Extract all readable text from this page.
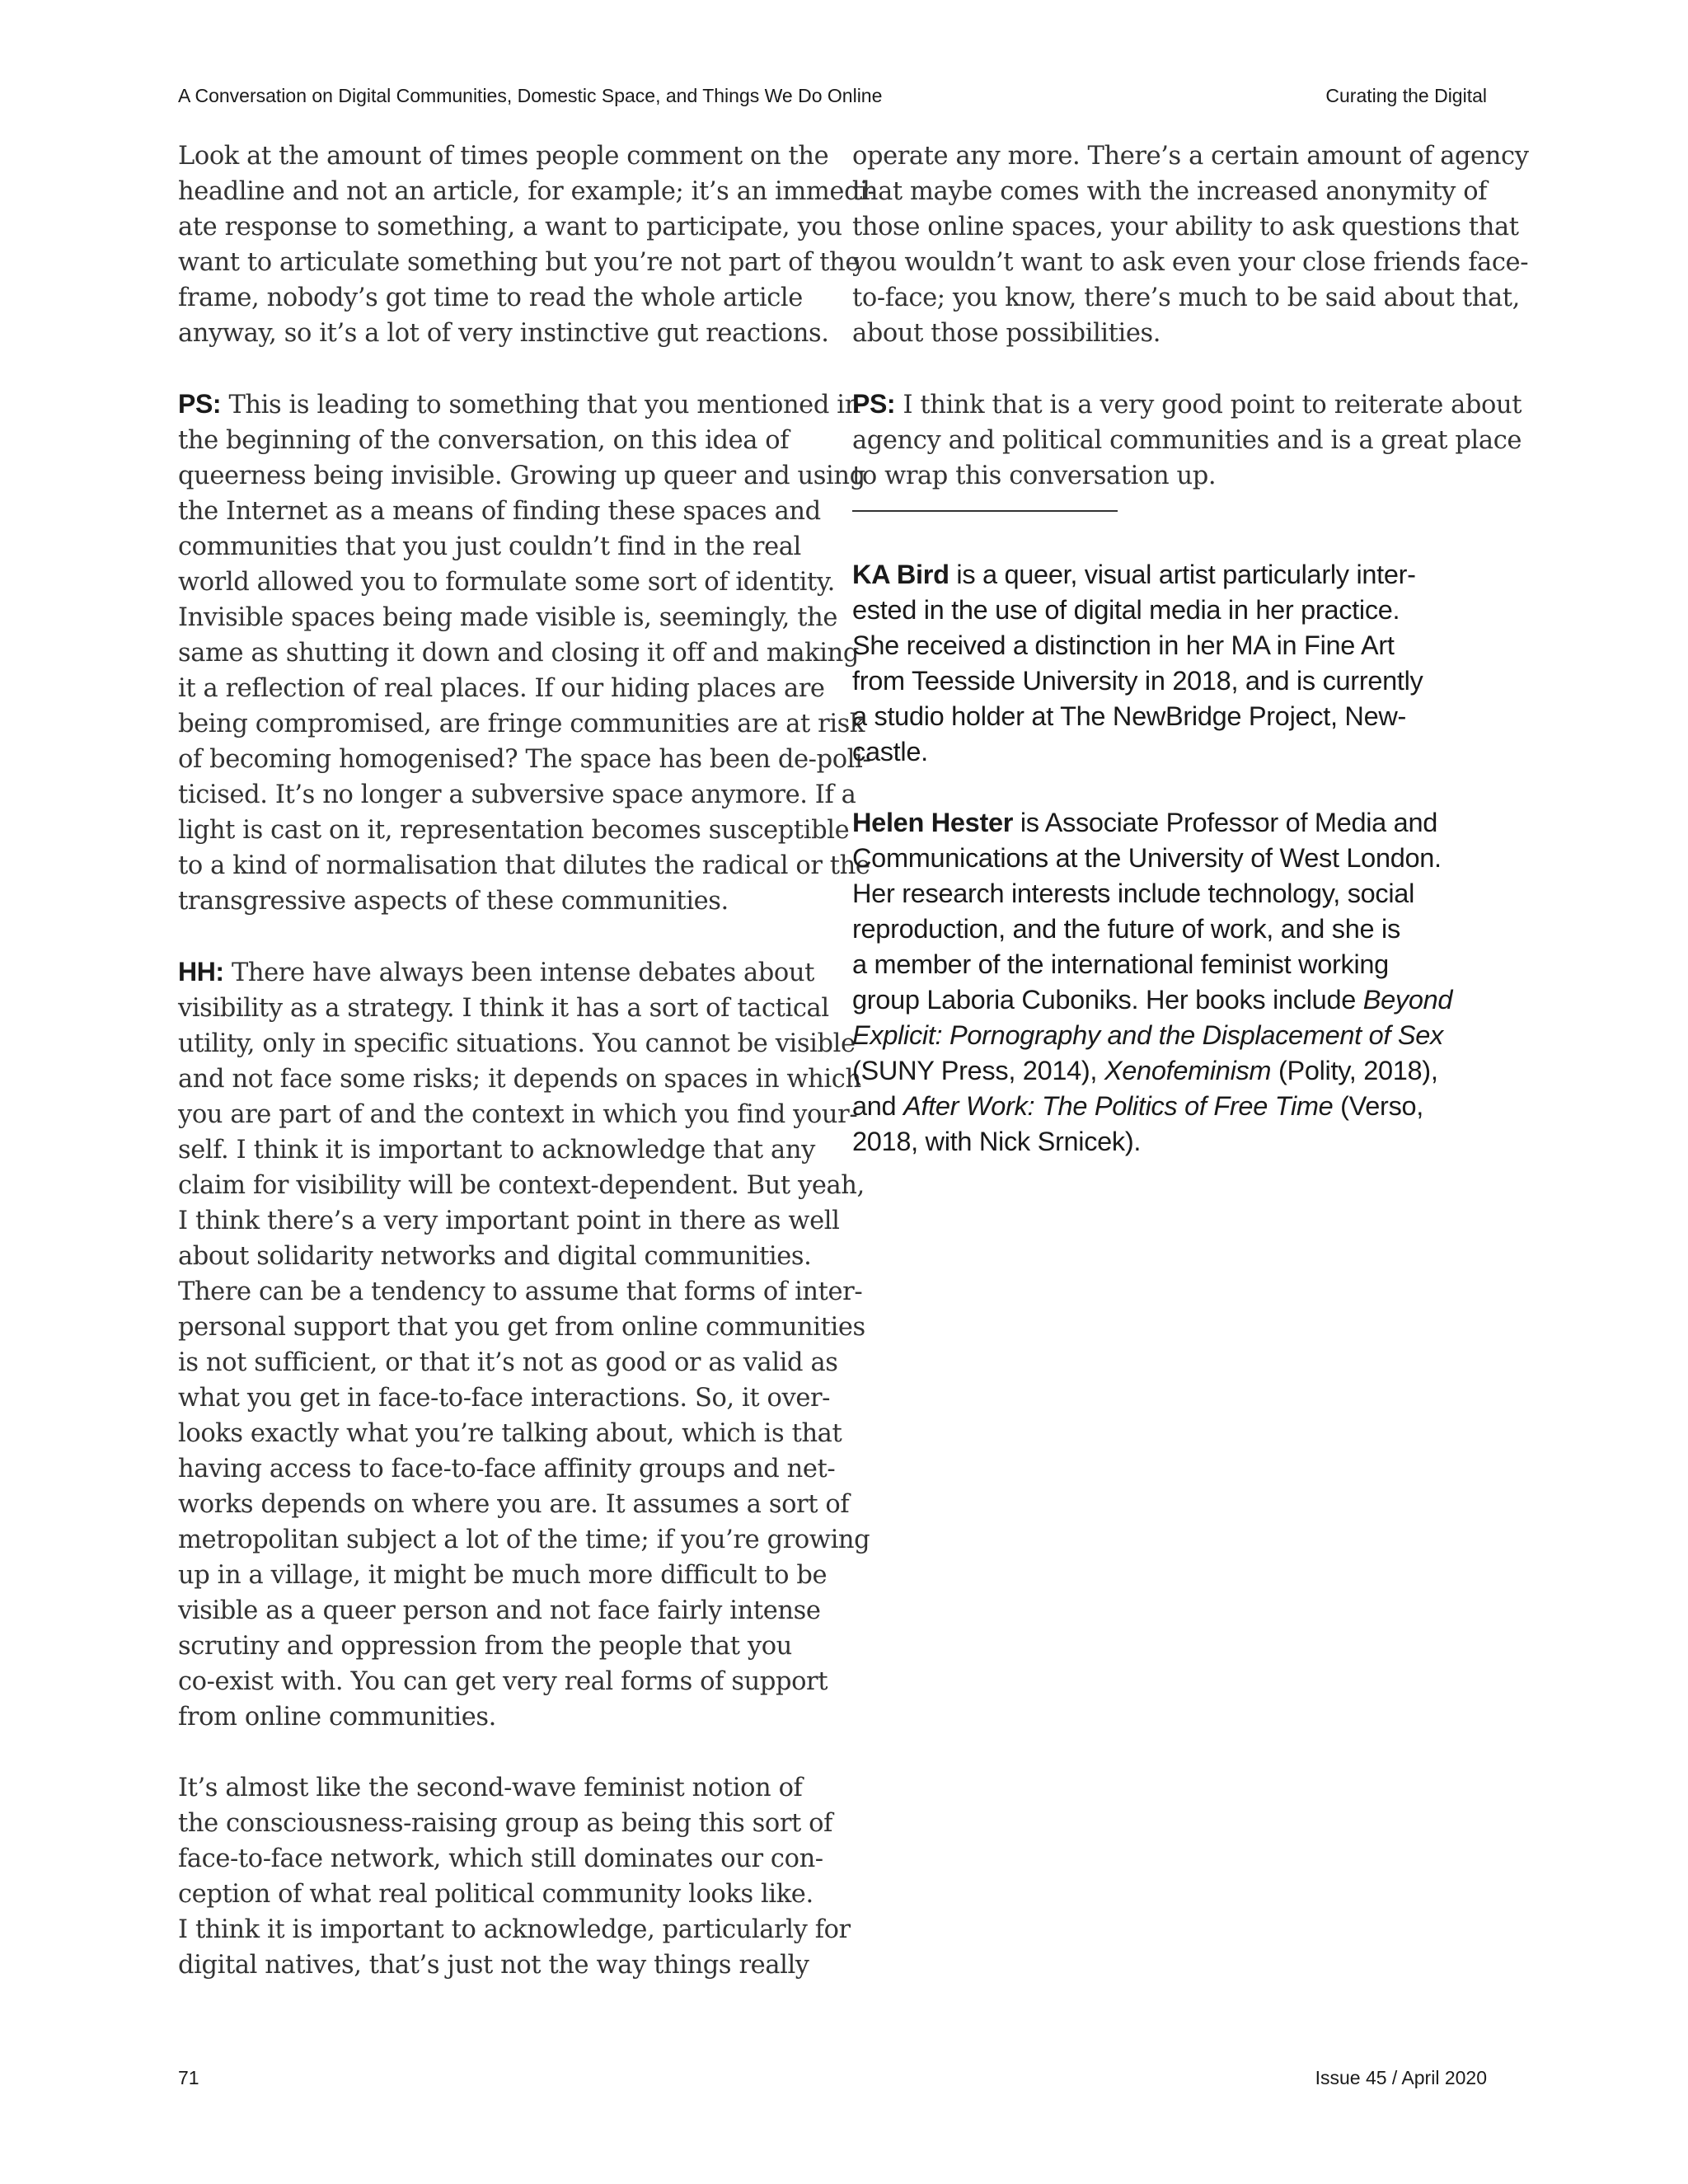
A Conversation on Digital Communities, Domestic Space, and Things We Do Online	Curating the Digital

Look at the amount of times people comment on the
headline and not an article, for example; it’s an immedi-
ate response to something, a want to participate, you
want to articulate something but you’re not part of the
frame, nobody’s got time to read the whole article
anyway, so it’s a lot of very instinctive gut reactions.

PS: This is leading to something that you mentioned in
the beginning of the conversation, on this idea of
queerness being invisible. Growing up queer and using
the Internet as a means of finding these spaces and
communities that you just couldn’t find in the real
world allowed you to formulate some sort of identity.
Invisible spaces being made visible is, seemingly, the
same as shutting it down and closing it off and making
it a reflection of real places. If our hiding places are
being compromised, are fringe communities are at risk
of becoming homogenised? The space has been de-poli-
ticised. It’s no longer a subversive space anymore. If a
light is cast on it, representation becomes susceptible
to a kind of normalisation that dilutes the radical or the
transgressive aspects of these communities.

HH: There have always been intense debates about
visibility as a strategy. I think it has a sort of tactical
utility, only in specific situations. You cannot be visible
and not face some risks; it depends on spaces in which
you are part of and the context in which you find your-
self. I think it is important to acknowledge that any
claim for visibility will be context-dependent. But yeah,
I think there’s a very important point in there as well
about solidarity networks and digital communities.
There can be a tendency to assume that forms of inter-
personal support that you get from online communities
is not sufficient, or that it’s not as good or as valid as
what you get in face-to-face interactions. So, it over-
looks exactly what you’re talking about, which is that
having access to face-to-face affinity groups and net-
works depends on where you are. It assumes a sort of
metropolitan subject a lot of the time; if you’re growing
up in a village, it might be much more difficult to be
visible as a queer person and not face fairly intense
scrutiny and oppression from the people that you
co-exist with. You can get very real forms of support
from online communities.

It’s almost like the second-wave feminist notion of
the consciousness-raising group as being this sort of
face-to-face network, which still dominates our con-
ception of what real political community looks like.
I think it is important to acknowledge, particularly for
digital natives, that’s just not the way things really

operate any more. There’s a certain amount of agency
that maybe comes with the increased anonymity of
those online spaces, your ability to ask questions that
you wouldn’t want to ask even your close friends face-
to-face; you know, there’s much to be said about that,
about those possibilities.

PS: I think that is a very good point to reiterate about
agency and political communities and is a great place
to wrap this conversation up.

KA Bird is a queer, visual artist particularly inter-
ested in the use of digital media in her practice.
She received a distinction in her MA in Fine Art
from Teesside University in 2018, and is currently
a studio holder at The NewBridge Project, New-
castle.
Helen Hester is Associate Professor of Media and
Communications at the University of West London.
Her research interests include technology, social
reproduction, and the future of work, and she is
a member of the international feminist working
group Laboria Cuboniks. Her books include Beyond
Explicit: Pornography and the Displacement of Sex
(SUNY Press, 2014), Xenofeminism (Polity, 2018),
and After Work: The Politics of Free Time (Verso,
2018, with Nick Srnicek).
71	Issue 45 / April 2020
